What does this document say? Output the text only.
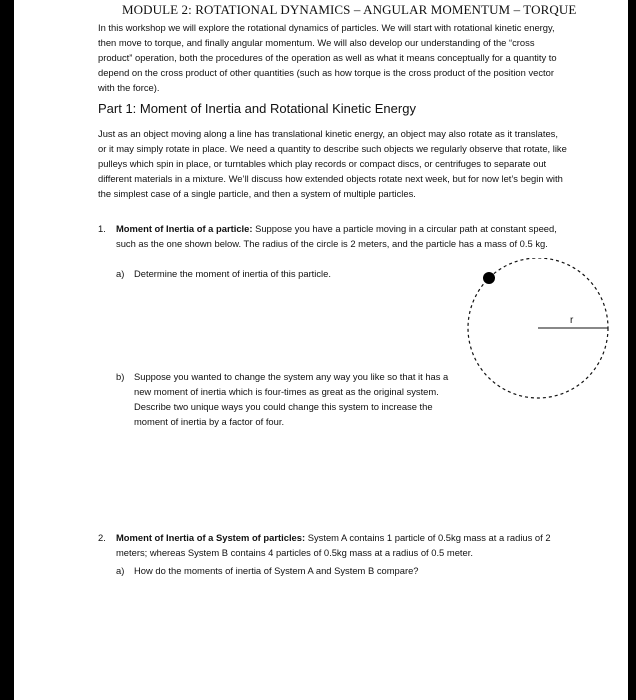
MODULE 2: ROTATIONAL DYNAMICS – ANGULAR MOMENTUM – TORQUE
In this workshop we will explore the rotational dynamics of particles. We will start with rotational kinetic energy, then move to torque, and finally angular momentum. We will also develop our understanding of the “cross product” operation, both the procedures of the operation as well as what it means conceptually for a quantity to depend on the cross product of other quantities (such as how torque is the cross product of the position vector with the force).
Part 1: Moment of Inertia and Rotational Kinetic Energy
Just as an object moving along a line has translational kinetic energy, an object may also rotate as it translates, or it may simply rotate in place. We need a quantity to describe such objects we regularly observe that rotate, like pulleys which spin in place, or turntables which play records or compact discs, or centrifuges to separate out different materials in a mixture. We’ll discuss how extended objects rotate next week, but for now let’s begin with the simplest case of a single particle, and then a system of multiple particles.
1. Moment of Inertia of a particle: Suppose you have a particle moving in a circular path at constant speed, such as the one shown below. The radius of the circle is 2 meters, and the particle has a mass of 0.5 kg.
a) Determine the moment of inertia of this particle.
b) Suppose you wanted to change the system any way you like so that it has a new moment of inertia which is four-times as great as the original system. Describe two unique ways you could change this system to increase the moment of inertia by a factor of four.
r
2. Moment of Inertia of a System of particles: System A contains 1 particle of 0.5kg mass at a radius of 2 meters; whereas System B contains 4 particles of 0.5kg mass at a radius of 0.5 meter.
a) How do the moments of inertia of System A and System B compare?
